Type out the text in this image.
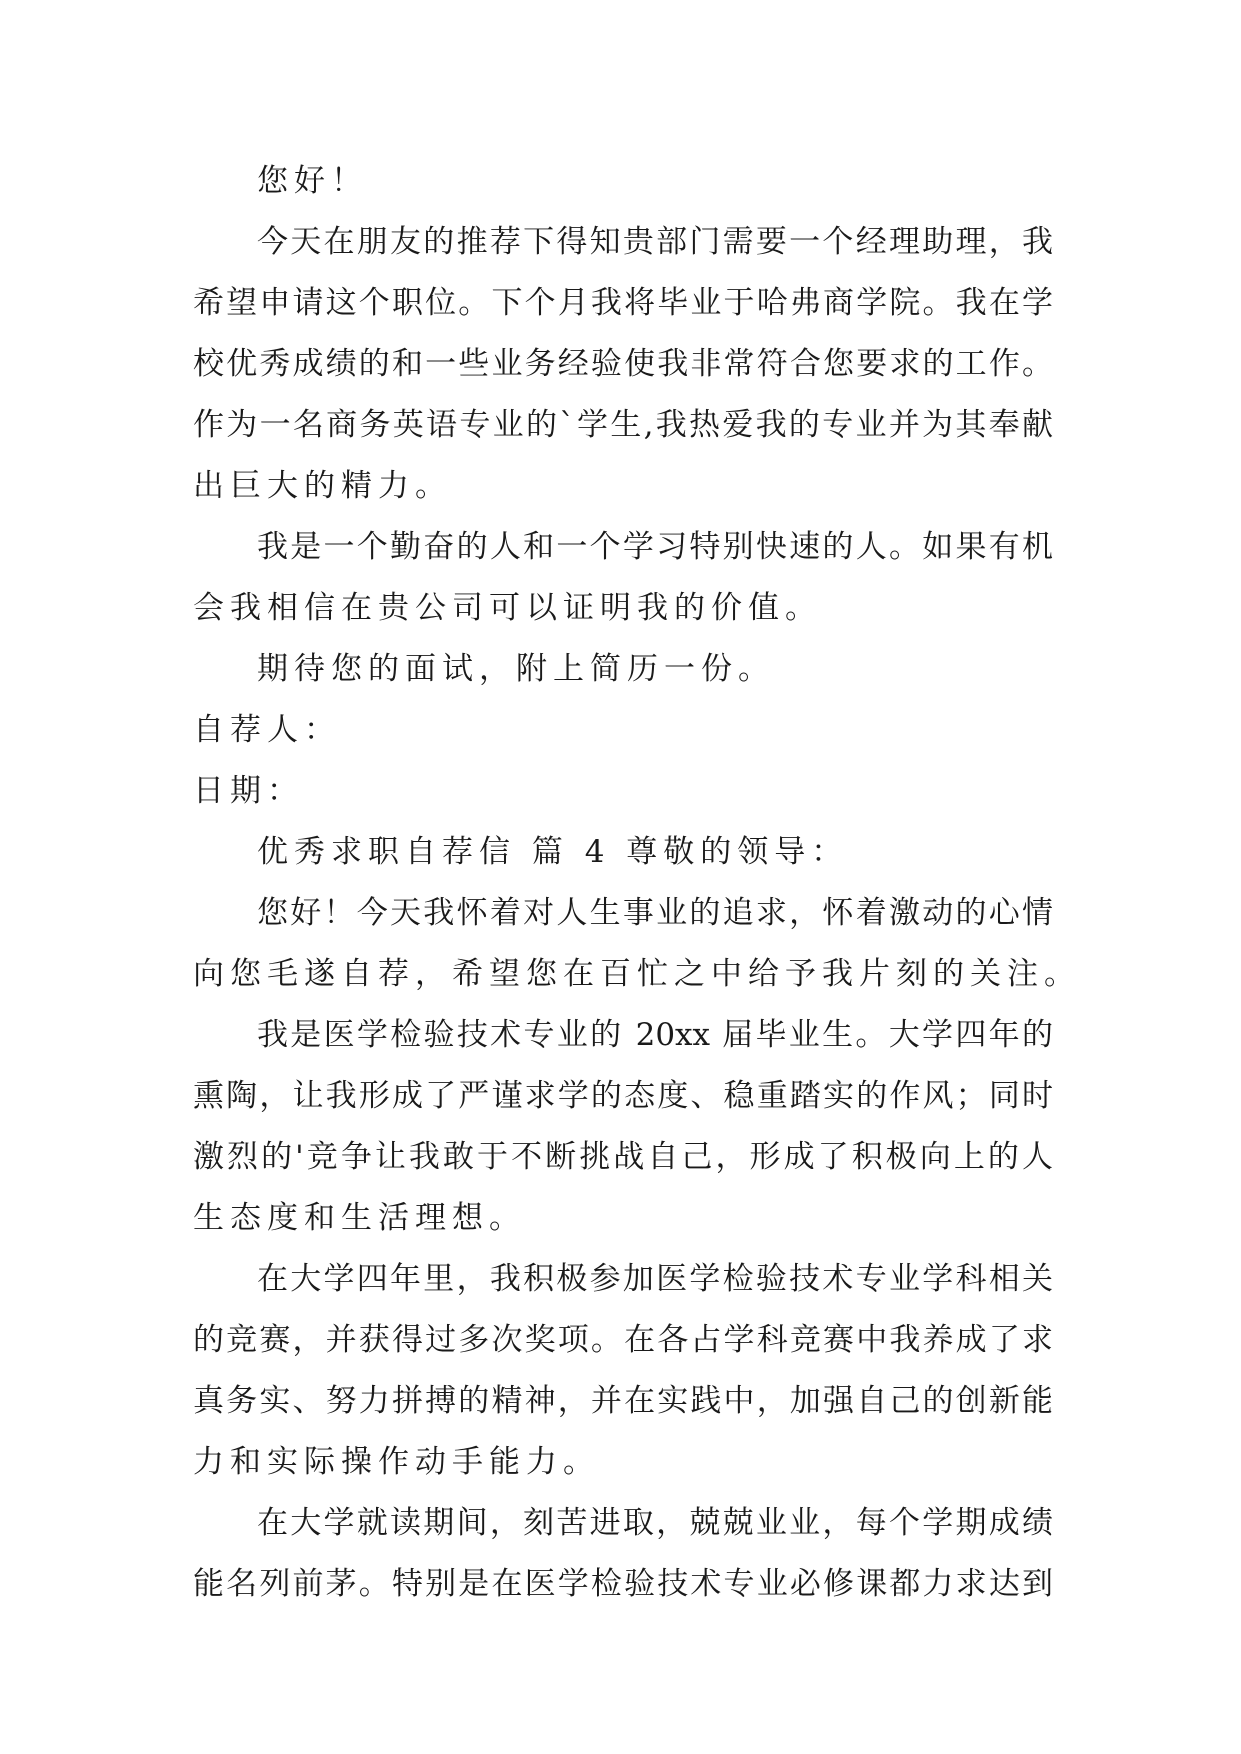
您好！
今天在朋友的推荐下得知贵部门需要一个经理助理，我
希望申请这个职位。下个月我将毕业于哈弗商学院。我在学
校优秀成绩的和一些业务经验使我非常符合您要求的工作。
作为一名商务英语专业的`学生,我热爱我的专业并为其奉献
出巨大的精力。
我是一个勤奋的人和一个学习特别快速的人。如果有机
会我相信在贵公司可以证明我的价值。
期待您的面试，附上简历一份。
自荐人：
日期：
优秀求职自荐信 篇 4 尊敬的领导：
您好！今天我怀着对人生事业的追求，怀着激动的心情
向您毛遂自荐，希望您在百忙之中给予我片刻的关注。
我是医学检验技术专业的 20xx 届毕业生。大学四年的
熏陶，让我形成了严谨求学的态度、稳重踏实的作风；同时
激烈的'竞争让我敢于不断挑战自己，形成了积极向上的人
生态度和生活理想。
在大学四年里，我积极参加医学检验技术专业学科相关
的竞赛，并获得过多次奖项。在各占学科竞赛中我养成了求
真务实、努力拼搏的精神，并在实践中，加强自己的创新能
力和实际操作动手能力。
在大学就读期间，刻苦进取，兢兢业业，每个学期成绩
能名列前茅。特别是在医学检验技术专业必修课都力求达到
